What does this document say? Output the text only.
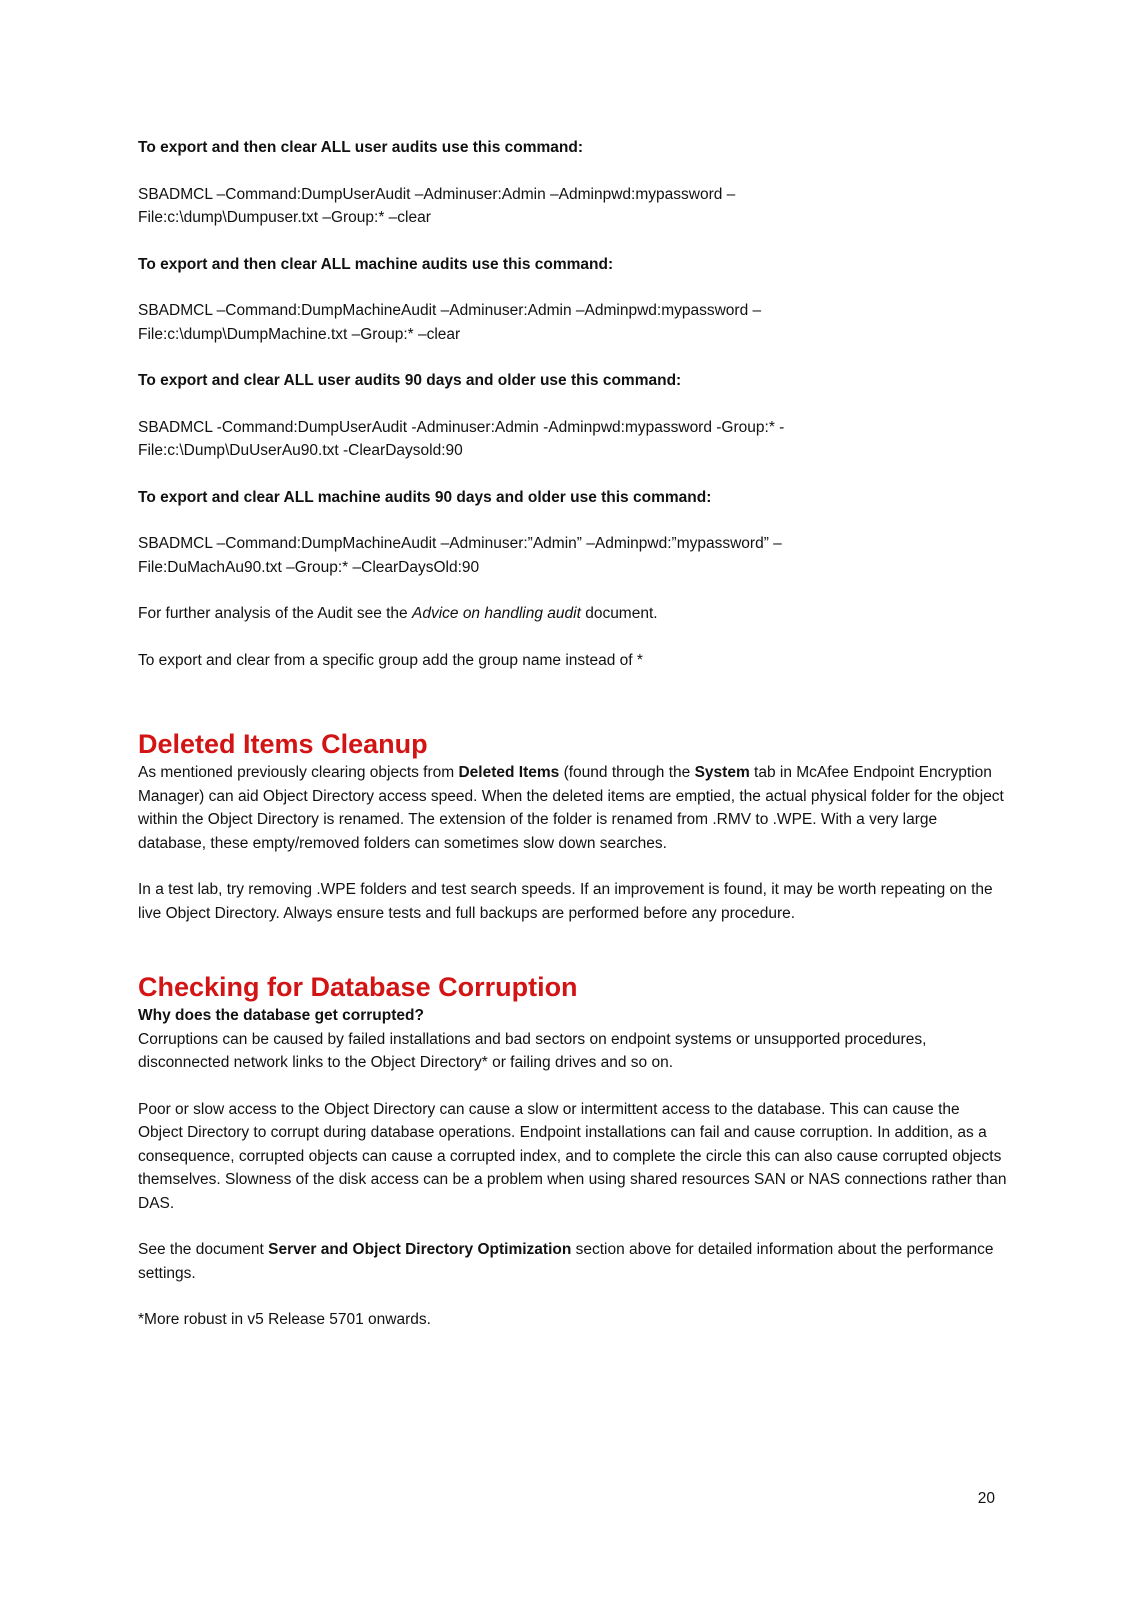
To export and then clear ALL user audits use this command:

SBADMCL –Command:DumpUserAudit –Adminuser:Admin –Adminpwd:mypassword –

File:c:\dump\Dumpuser.txt –Group:* –clear

To export and then clear ALL machine audits use this command:

SBADMCL –Command:DumpMachineAudit –Adminuser:Admin –Adminpwd:mypassword –

File:c:\dump\DumpMachine.txt –Group:* –clear

To export and clear ALL user audits 90 days and older use this command:

SBADMCL -Command:DumpUserAudit -Adminuser:Admin -Adminpwd:mypassword -Group:* -

File:c:\Dump\DuUserAu90.txt -ClearDaysold:90

To export and clear ALL machine audits 90 days and older use this command:

SBADMCL –Command:DumpMachineAudit –Adminuser:”Admin” –Adminpwd:”mypassword” –

File:DuMachAu90.txt –Group:* –ClearDaysOld:90

For further analysis of the Audit see the Advice on handling audit document.

To export and clear from a specific group add the group name instead of *

Deleted Items Cleanup

As mentioned previously clearing objects from Deleted Items (found through the System tab in McAfee Endpoint Encryption Manager) can aid Object Directory access speed. When the deleted items are emptied, the actual physical folder for the object within the Object Directory is renamed. The extension of the folder is renamed from .RMV to .WPE. With a very large database, these empty/removed folders can sometimes slow down searches.

In a test lab, try removing .WPE folders and test search speeds. If an improvement is found, it may be worth repeating on the live Object Directory. Always ensure tests and full backups are performed before any procedure.

Checking for Database Corruption

Why does the database get corrupted?

Corruptions can be caused by failed installations and bad sectors on endpoint systems or unsupported procedures, disconnected network links to the Object Directory* or failing drives and so on.

Poor or slow access to the Object Directory can cause a slow or intermittent access to the database. This can cause the Object Directory to corrupt during database operations. Endpoint installations can fail and cause corruption. In addition, as a consequence, corrupted objects can cause a corrupted index, and to complete the circle this can also cause corrupted objects themselves. Slowness of the disk access can be a problem when using shared resources SAN or NAS connections rather than DAS.

See the document Server and Object Directory Optimization section above for detailed information about the performance settings.

*More robust in v5 Release 5701 onwards.

20
